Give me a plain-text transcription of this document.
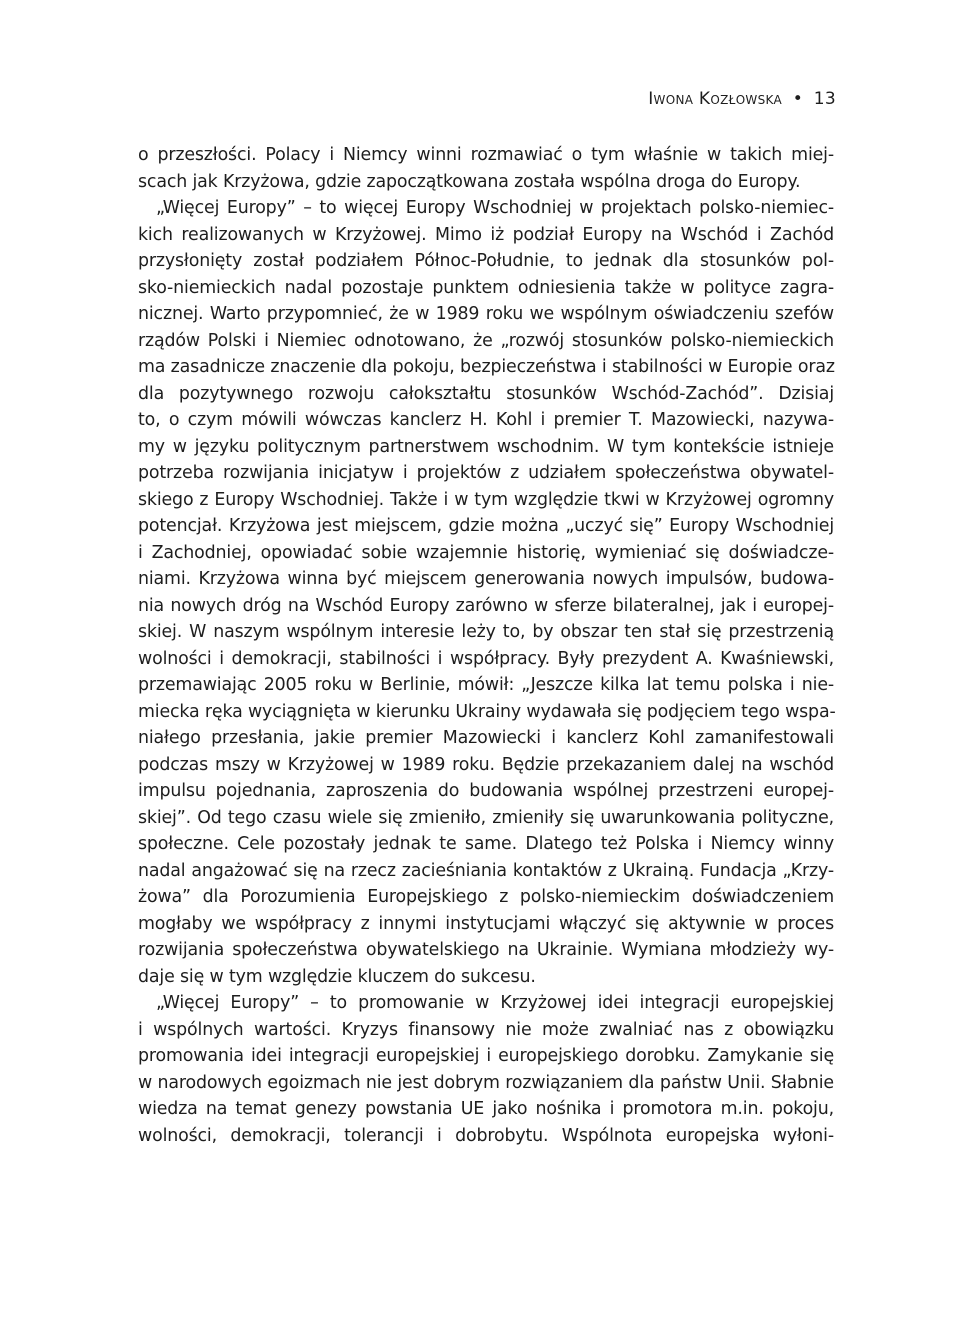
Iwona Kozłowska • 13
o przeszłości. Polacy i Niemcy winni rozmawiać o tym właśnie w takich miej-
scach jak Krzyżowa, gdzie zapoczątkowana została wspólna droga do Europy.
„Więcej Europy” – to więcej Europy Wschodniej w projektach polsko-niemiec-
kich realizowanych w Krzyżowej. Mimo iż podział Europy na Wschód i Zachód
przysłonięty został podziałem Północ-Południe, to jednak dla stosunków pol-
sko-niemieckich nadal pozostaje punktem odniesienia także w polityce zagra-
nicznej. Warto przypomnieć, że w 1989 roku we wspólnym oświadczeniu szefów
rządów Polski i Niemiec odnotowano, że „rozwój stosunków polsko-niemieckich
ma zasadnicze znaczenie dla pokoju, bezpieczeństwa i stabilności w Europie oraz
dla pozytywnego rozwoju całokształtu stosunków Wschód-Zachód”. Dzisiaj
to, o czym mówili wówczas kanclerz H. Kohl i premier T. Mazowiecki, nazywa-
my w języku politycznym partnerstwem wschodnim. W tym kontekście istnieje
potrzeba rozwijania inicjatyw i projektów z udziałem społeczeństwa obywatel-
skiego z Europy Wschodniej. Także i w tym względzie tkwi w Krzyżowej ogromny
potencjał. Krzyżowa jest miejscem, gdzie można „uczyć się” Europy Wschodniej
i Zachodniej, opowiadać sobie wzajemnie historię, wymieniać się doświadcze-
niami. Krzyżowa winna być miejscem generowania nowych impulsów, budowa-
nia nowych dróg na Wschód Europy zarówno w sferze bilateralnej, jak i europej-
skiej. W naszym wspólnym interesie leży to, by obszar ten stał się przestrzenią
wolności i demokracji, stabilności i współpracy. Były prezydent A. Kwaśniewski,
przemawiając 2005 roku w Berlinie, mówił: „Jeszcze kilka lat temu polska i nie-
miecka ręka wyciągnięta w kierunku Ukrainy wydawała się podjęciem tego wspa-
niałego przesłania, jakie premier Mazowiecki i kanclerz Kohl zamanifestowali
podczas mszy w Krzyżowej w 1989 roku. Będzie przekazaniem dalej na wschód
impulsu pojednania, zaproszenia do budowania wspólnej przestrzeni europej-
skiej”. Od tego czasu wiele się zmieniło, zmieniły się uwarunkowania polityczne,
społeczne. Cele pozostały jednak te same. Dlatego też Polska i Niemcy winny
nadal angażować się na rzecz zacieśniania kontaktów z Ukrainą. Fundacja „Krzy-
żowa” dla Porozumienia Europejskiego z polsko-niemieckim doświadczeniem
mogłaby we współpracy z innymi instytucjami włączyć się aktywnie w proces
rozwijania społeczeństwa obywatelskiego na Ukrainie. Wymiana młodzieży wy-
daje się w tym względzie kluczem do sukcesu.
„Więcej Europy” – to promowanie w Krzyżowej idei integracji europejskiej
i wspólnych wartości. Kryzys finansowy nie może zwalniać nas z obowiązku
promowania idei integracji europejskiej i europejskiego dorobku. Zamykanie się
w narodowych egoizmach nie jest dobrym rozwiązaniem dla państw Unii. Słabnie
wiedza na temat genezy powstania UE jako nośnika i promotora m.in. pokoju,
wolności, demokracji, tolerancji i dobrobytu. Wspólnota europejska wyłoni-
